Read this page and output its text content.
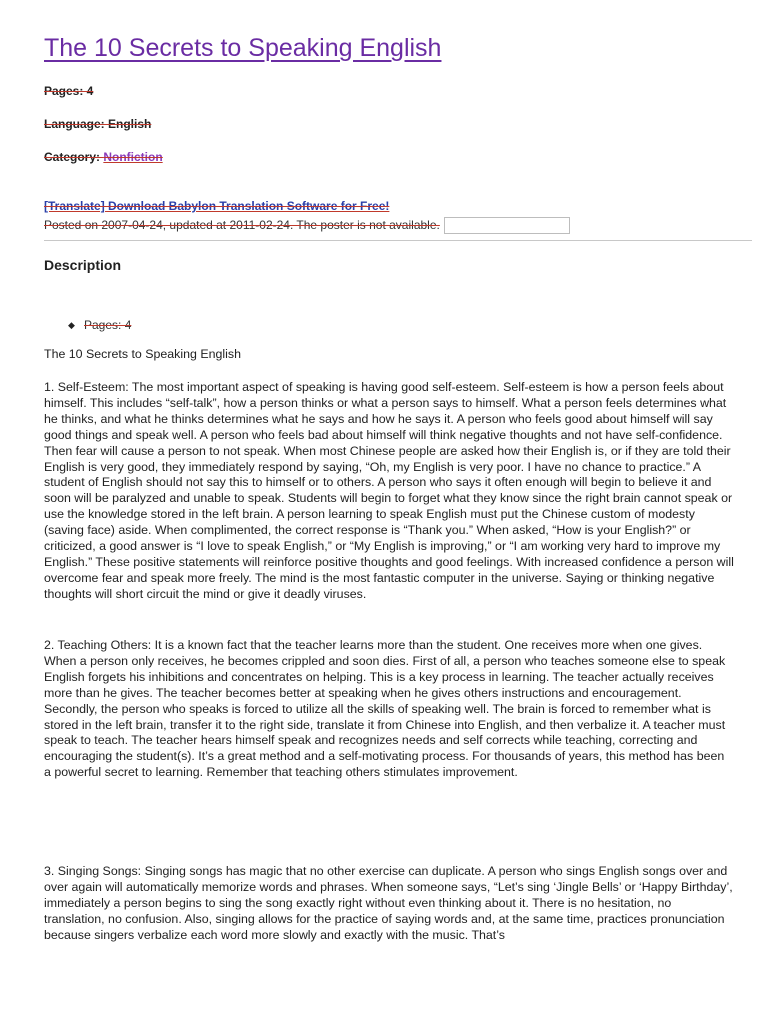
The 10 Secrets to Speaking English
Pages: 4
Language: English
Category: Nonfiction
[Translate] Download Babylon Translation Software for Free!
Posted on 2007-04-24, updated at 2011-02-24. The poster is not available.
Description
◆ Pages: 4
The 10 Secrets to Speaking English

1. Self-Esteem: The most important aspect of speaking is having good self-esteem. Self-esteem is how a person feels about himself. This includes “self-talk”, how a person thinks or what a person says to himself. What a person feels determines what he thinks, and what he thinks determines what he says and how he says it. A person who feels good about himself will say good things and speak well. A person who feels bad about himself will think negative thoughts and not have self-confidence. Then fear will cause a person to not speak. When most Chinese people are asked how their English is, or if they are told their English is very good, they immediately respond by saying, “Oh, my English is very poor. I have no chance to practice.” A student of English should not say this to himself or to others. A person who says it often enough will begin to believe it and soon will be paralyzed and unable to speak. Students will begin to forget what they know since the right brain cannot speak or use the knowledge stored in the left brain. A person learning to speak English must put the Chinese custom of modesty (saving face) aside. When complimented, the correct response is “Thank you.” When asked, “How is your English?” or criticized, a good answer is “I love to speak English,” or “My English is improving,” or “I am working very hard to improve my English.” These positive statements will reinforce positive thoughts and good feelings. With increased confidence a person will overcome fear and speak more freely. The mind is the most fantastic computer in the universe. Saying or thinking negative thoughts will short circuit the mind or give it deadly viruses.

2. Teaching Others: It is a known fact that the teacher learns more than the student. One receives more when one gives. When a person only receives, he becomes crippled and soon dies. First of all, a person who teaches someone else to speak English forgets his inhibitions and concentrates on helping. This is a key process in learning. The teacher actually receives more than he gives. The teacher becomes better at speaking when he gives others instructions and encouragement. Secondly, the person who speaks is forced to utilize all the skills of speaking well. The brain is forced to remember what is stored in the left brain, transfer it to the right side, translate it from Chinese into English, and then verbalize it. A teacher must speak to teach. The teacher hears himself speak and recognizes needs and self corrects while teaching, correcting and encouraging the student(s). It’s a great method and a self-motivating process. For thousands of years, this method has been a powerful secret to learning. Remember that teaching others stimulates improvement.

3. Singing Songs: Singing songs has magic that no other exercise can duplicate. A person who sings English songs over and over again will automatically memorize words and phrases. When someone says, “Let’s sing ‘Jingle Bells’ or ‘Happy Birthday’, immediately a person begins to sing the song exactly right without even thinking about it. There is no hesitation, no translation, no confusion. Also, singing allows for the practice of saying words and, at the same time, practices pronunciation because singers verbalize each word more slowly and exactly with the music. That’s
